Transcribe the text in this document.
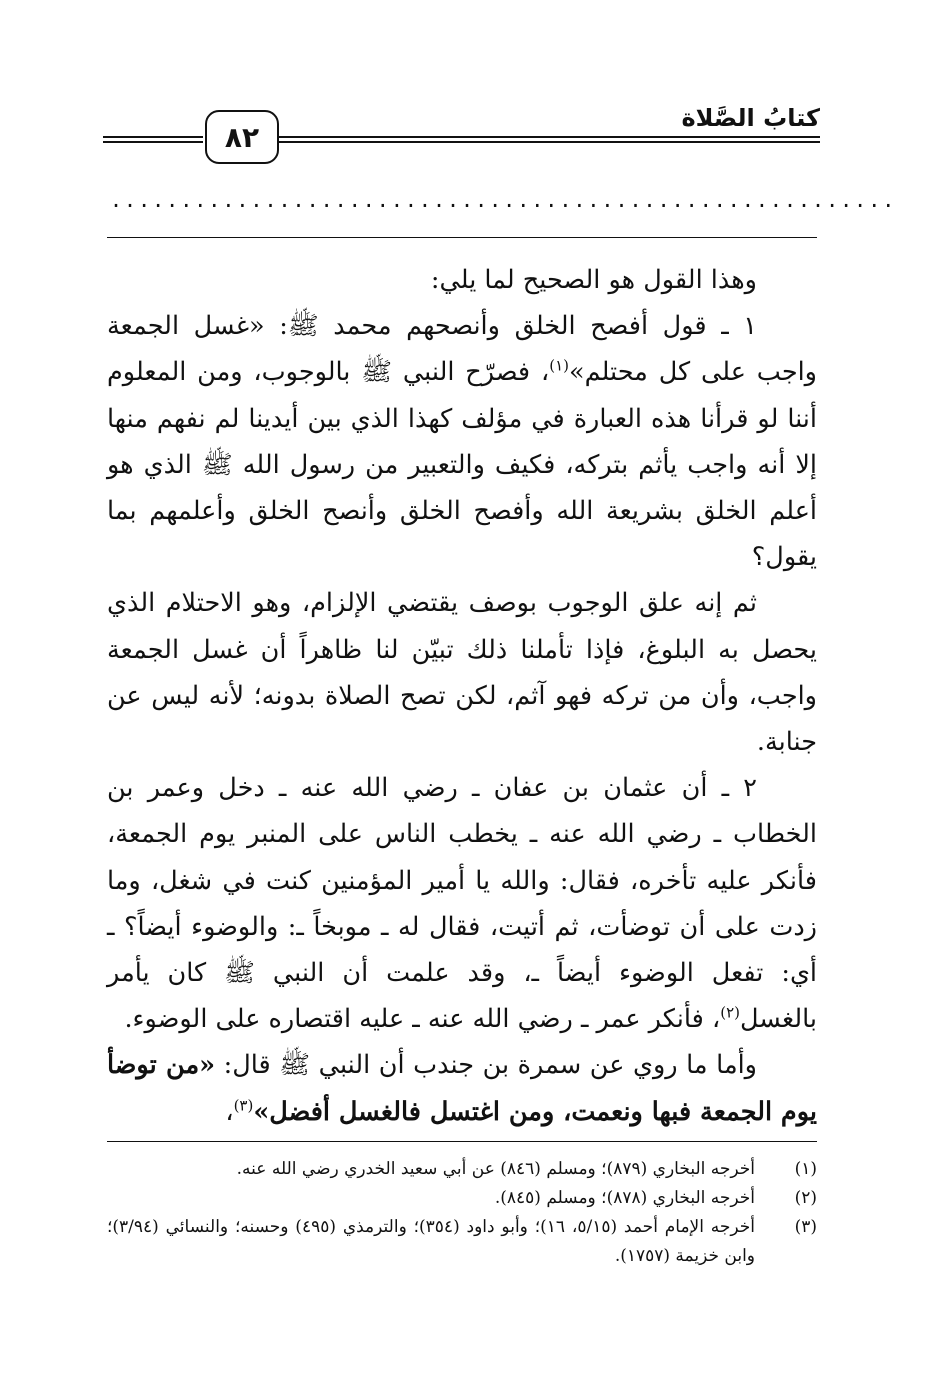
٨٢
كتابُ الصَّلاة
........................................................

وهذا القول هو الصحيح لما يلي:

١ ـ قول أفصح الخلق وأنصحهم محمد ﷺ: «غسل الجمعة واجب على كل محتلم»$^{(١)}$، فصرّح النبي ﷺ بالوجوب، ومن المعلوم أننا لو قرأنا هذه العبارة في مؤلف كهذا الذي بين أيدينا لم نفهم منها إلا أنه واجب يأثم بتركه، فكيف والتعبير من رسول الله ﷺ الذي هو أعلم الخلق بشريعة الله وأفصح الخلق وأنصح الخلق وأعلمهم بما يقول؟

ثم إنه علق الوجوب بوصف يقتضي الإلزام، وهو الاحتلام الذي يحصل به البلوغ، فإذا تأملنا ذلك تبيّن لنا ظاهراً أن غسل الجمعة واجب، وأن من تركه فهو آثم، لكن تصح الصلاة بدونه؛ لأنه ليس عن جنابة.

٢ ـ أن عثمان بن عفان ـ رضي الله عنه ـ دخل وعمر بن الخطاب ـ رضي الله عنه ـ يخطب الناس على المنبر يوم الجمعة، فأنكر عليه تأخره، فقال: والله يا أمير المؤمنين كنت في شغل، وما زدت على أن توضأت، ثم أتيت، فقال له ـ موبخاً ـ: والوضوء أيضاً؟ ـ أي: تفعل الوضوء أيضاً ـ، وقد علمت أن النبي ﷺ كان يأمر بالغسل$^{(٢)}$، فأنكر عمر ـ رضي الله عنه ـ عليه اقتصاره على الوضوء.

وأما ما روي عن سمرة بن جندب أن النبي ﷺ قال: «من توضأ يوم الجمعة فبها ونعمت، ومن اغتسل فالغسل أفضل»$^{(٣)}$،

(١)
أخرجه البخاري (٨٧٩)؛ ومسلم (٨٤٦) عن أبي سعيد الخدري رضي الله عنه.
(٢)
أخرجه البخاري (٨٧٨)؛ ومسلم (٨٤٥).
(٣)
أخرجه الإمام أحمد (٥/١٥، ١٦)؛ وأبو داود (٣٥٤)؛ والترمذي (٤٩٥) وحسنه؛ والنسائي (٣/٩٤)؛ وابن خزيمة (١٧٥٧).
